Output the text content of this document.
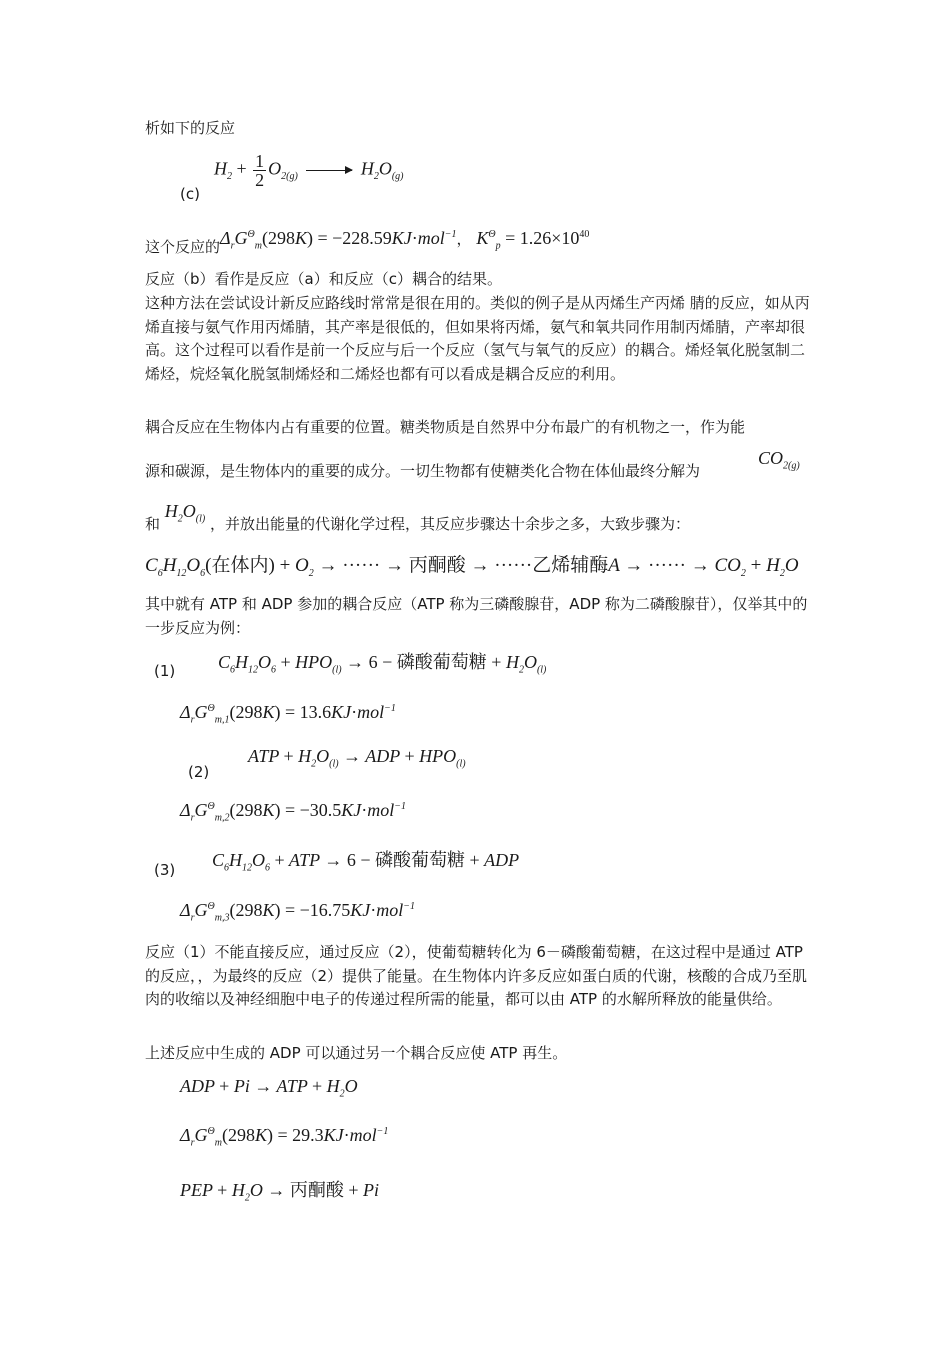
析如下的反应
(c)
$H_2 + \frac{1}{2} O_{2(g)} \to H_2O_{(g)}$
这个反应的$\Delta_rG^\Theta_m(298K) = -228.59KJ\cdot mol^{-1}$， $K^\Theta_p = 1.26\times 10^{40}$
反应（b）看作是反应（a）和反应（c）耦合的结果。
这种方法在尝试设计新反应路线时常常是很在用的。类似的例子是从丙烯生产丙烯 腈的反应，如从丙烯直接与氨气作用丙烯腈，其产率是很低的，但如果将丙烯，氨气和氧共同作用制丙烯腈，产率却很高。这个过程可以看作是前一个反应与后一个反应（氢气与氧气的反应）的耦合。烯烃氧化脱氢制二烯烃，烷烃氧化脱氢制烯烃和二烯烃也都有可以看成是耦合反应的利用。
耦合反应在生物体内占有重要的位置。糖类物质是自然界中分布最广的有机物之一，作为能
源和碳源，是生物体内的重要的成分。一切生物都有使糖类化合物在体仙最终分解为
$CO_{2(g)}$
和 $H_2O_{(l)}$ ，并放出能量的代谢化学过程，其反应步骤达十余步之多，大致步骤为：
$C_6H_{12}O_6$(在体内) + $O_2$ → ······ → 丙酮酸 → ······乙烯辅酶A → ······ → $CO_2 + H_2O$
其中就有 ATP 和 ADP 参加的耦合反应（ATP 称为三磷酸腺苷，ADP 称为二磷酸腺苷），仅举其中的一步反应为例：
(1) $C_6H_{12}O_6 + HPO_{(l)} \to 6$ − 磷酸葡萄糖 + $H_2O_{(l)}$
$\Delta_rG^\Theta_{m,1}(298K) = 13.6KJ\cdot mol^{-1}$
(2)
ATP + $H_2O_{(l)}$ → ADP + $HPO_{(l)}$
$\Delta_rG^\Theta_{m,2}(298K) = -30.5KJ\cdot mol^{-1}$
(3) $C_6H_{12}O_6$ + ATP → 6 − 磷酸葡萄糖 + ADP
$\Delta_rG^\Theta_{m,3}(298K) = -16.75KJ\cdot mol^{-1}$
反应（1）不能直接反应，通过反应（2），使葡萄糖转化为 6－磷酸葡萄糖，在这过程中是通过 ATP 的反应，，为最终的反应（2）提供了能量。在生物体内许多反应如蛋白质的代谢，核酸的合成乃至肌肉的收缩以及神经细胞中电子的传递过程所需的能量，都可以由 ATP 的水解所释放的能量供给。
上述反应中生成的 ADP 可以通过另一个耦合反应使 ATP 再生。
ADP + Pi → ATP + $H_2O$
$\Delta_rG^\Theta_m(298K) = 29.3KJ\cdot mol^{-1}$
PEP + $H_2O$ → 丙酮酸 + Pi
